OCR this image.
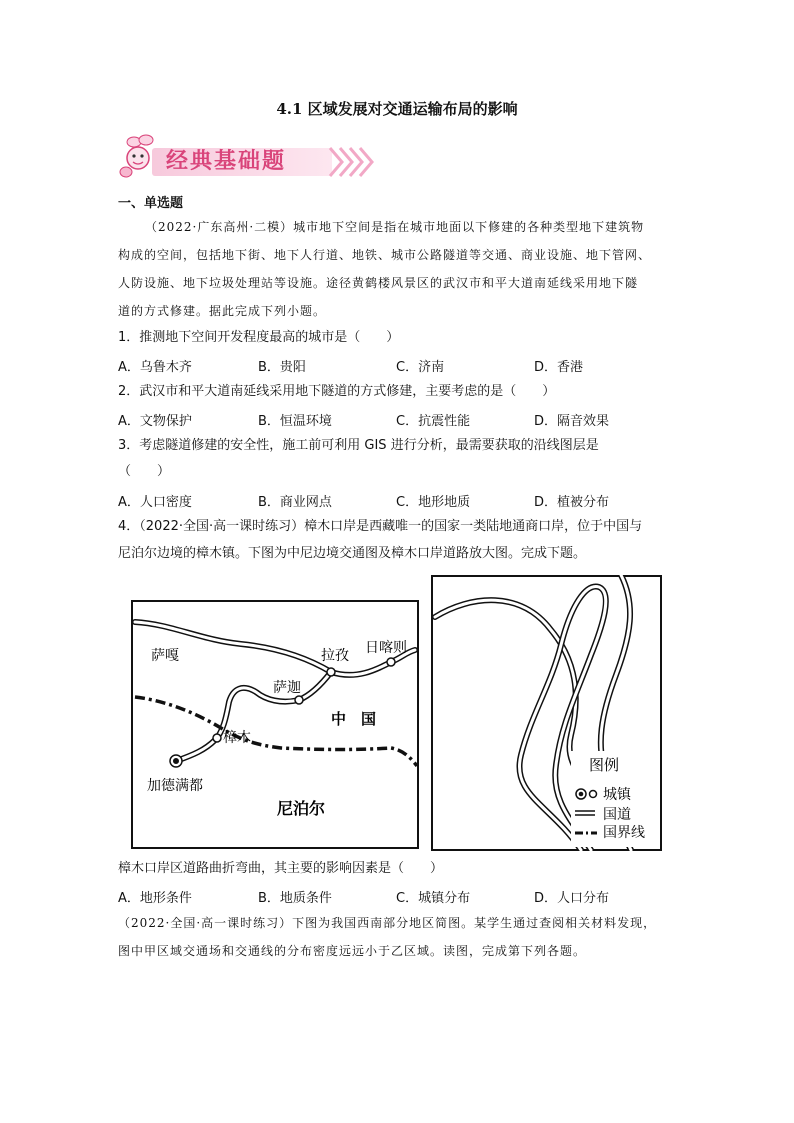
4.1 区域发展对交通运输布局的影响
经典基础题
一、单选题
（2022·广东高州·二模）城市地下空间是指在城市地面以下修建的各种类型地下建筑物
构成的空间，包括地下街、地下人行道、地铁、城市公路隧道等交通、商业设施、地下管网、
人防设施、地下垃圾处理站等设施。途径黄鹤楼风景区的武汉市和平大道南延线采用地下隧
道的方式修建。据此完成下列小题。
1．推测地下空间开发程度最高的城市是（　　）
A．乌鲁木齐	B．贵阳	C．济南	D．香港
2．武汉市和平大道南延线采用地下隧道的方式修建，主要考虑的是（　　）
A．文物保护	B．恒温环境	C．抗震性能	D．隔音效果
3．考虑隧道修建的安全性，施工前可利用 GIS 进行分析，最需要获取的沿线图层是
（　　）
A．人口密度	B．商业网点	C．地形地质	D．植被分布
4．（2022·全国·高一课时练习）樟木口岸是西藏唯一的国家一类陆地通商口岸，位于中国与
尼泊尔边境的樟木镇。下图为中尼边境交通图及樟木口岸道路放大图。完成下题。
萨嘎	拉孜 日喀则
萨迦
中　国
樟木
加德满都
尼泊尔
图例
城镇
国道
国界线
樟木口岸区道路曲折弯曲，其主要的影响因素是（　　）
A．地形条件	B．地质条件	C．城镇分布	D．人口分布
（2022·全国·高一课时练习）下图为我国西南部分地区简图。某学生通过查阅相关材料发现，
图中甲区域交通场和交通线的分布密度远远小于乙区域。读图，完成第下列各题。
